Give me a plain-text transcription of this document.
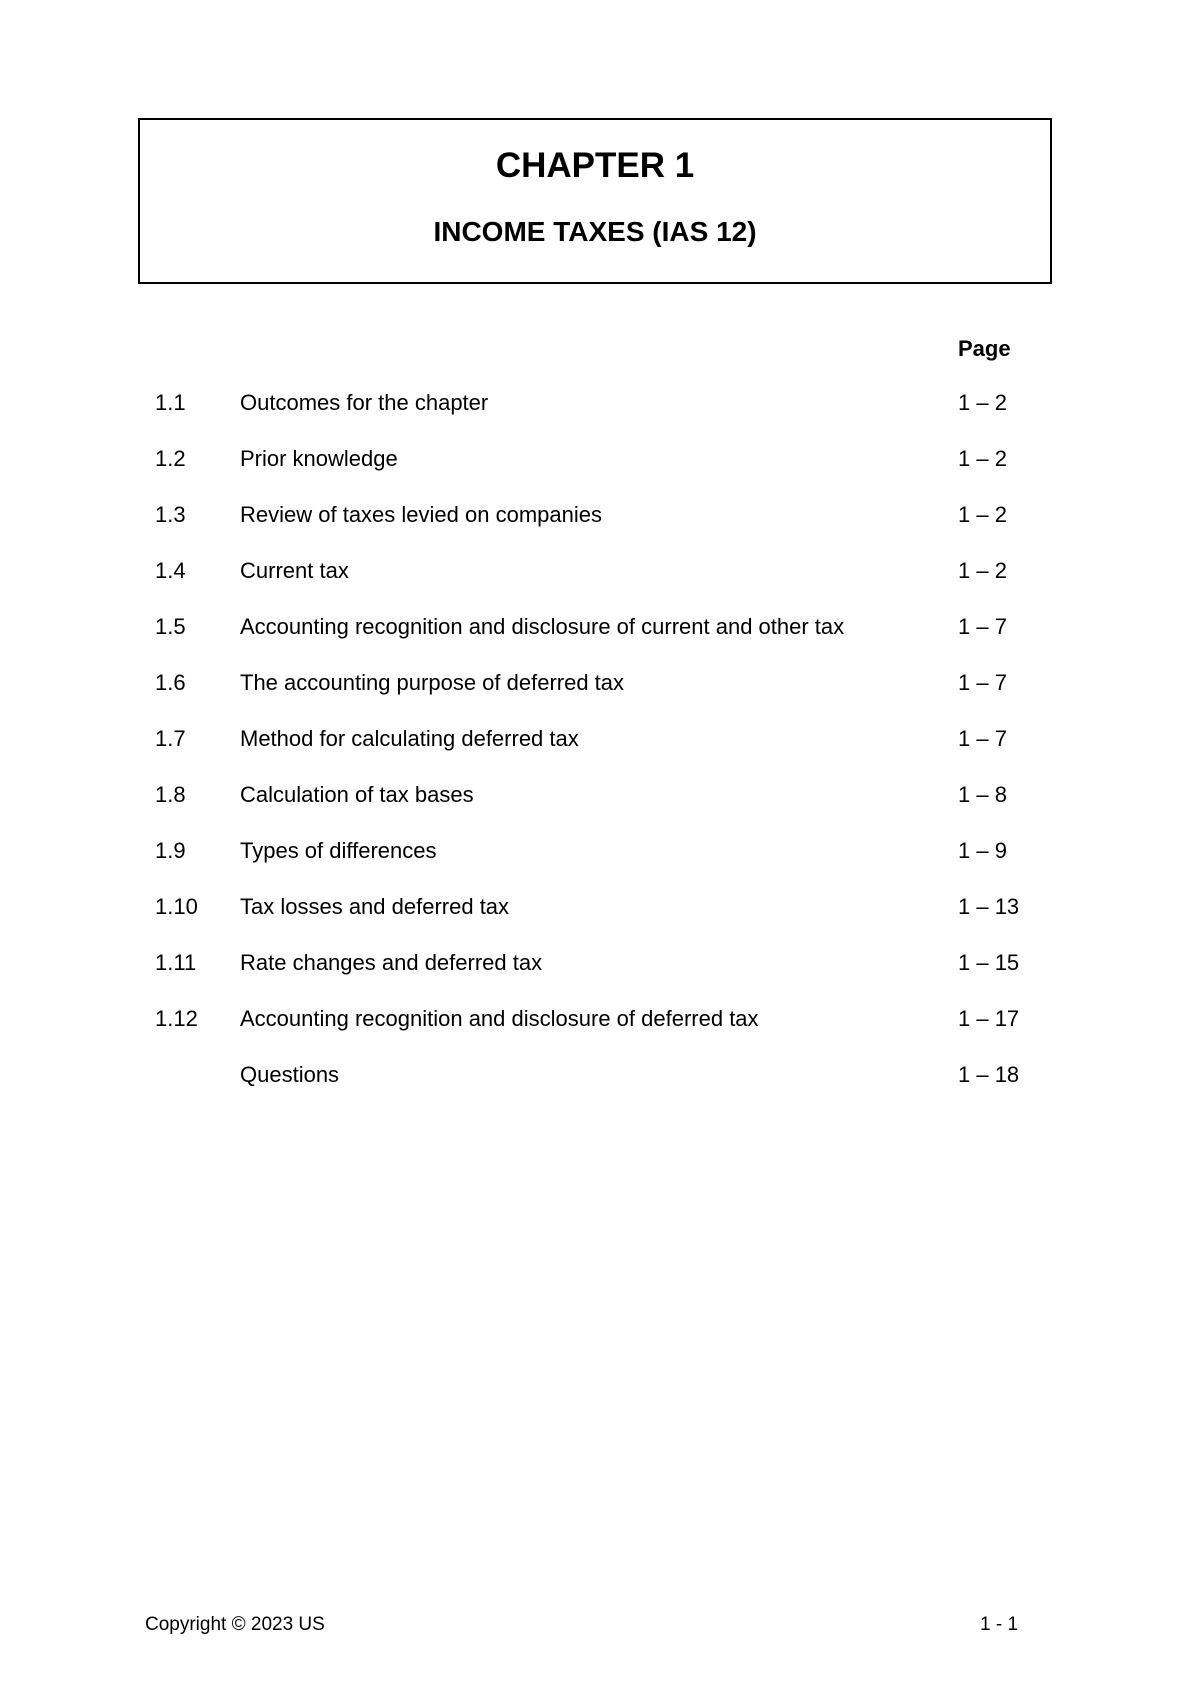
CHAPTER 1
INCOME TAXES (IAS 12)
Page
1.1 Outcomes for the chapter	1 – 2
1.2 Prior knowledge	1 – 2
1.3 Review of taxes levied on companies	1 – 2
1.4 Current tax	1 – 2
1.5 Accounting recognition and disclosure of current and other tax	1 – 7
1.6 The accounting purpose of deferred tax	1 – 7
1.7 Method for calculating deferred tax	1 – 7
1.8 Calculation of tax bases	1 – 8
1.9 Types of differences	1 – 9
1.10 Tax losses and deferred tax	1 – 13
1.11 Rate changes and deferred tax	1 – 15
1.12 Accounting recognition and disclosure of deferred tax	1 – 17
Questions	1 – 18
Copyright © 2023 US	1 - 1
